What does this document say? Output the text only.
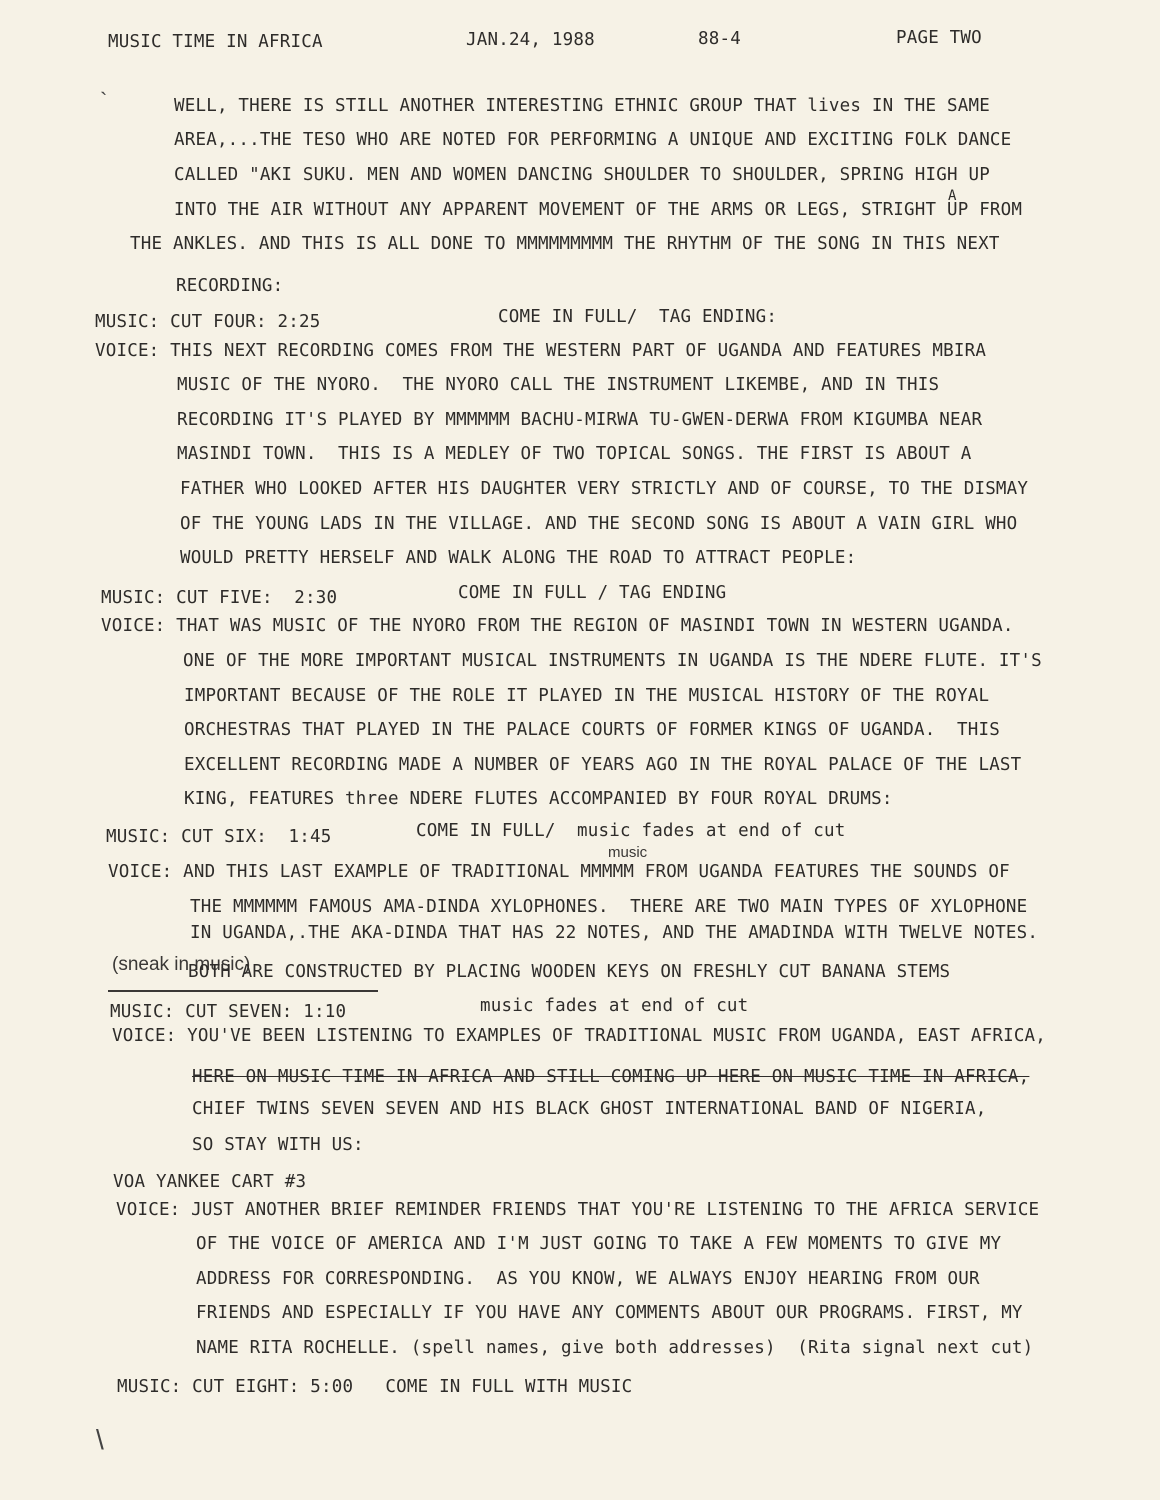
MUSIC TIME IN AFRICA	JAN.24, 1988	88-4	PAGE TWO
`	WELL, THERE IS STILL ANOTHER INTERESTING ETHNIC GROUP THAT lives IN THE SAME
AREA,...THE TESO WHO ARE NOTED FOR PERFORMING A UNIQUE AND EXCITING FOLK DANCE
CALLED "AKI SUKU. MEN AND WOMEN DANCING SHOULDER TO SHOULDER, SPRING HIGH UP
A
INTO THE AIR WITHOUT ANY APPARENT MOVEMENT OF THE ARMS OR LEGS, STRIGHT UP FROM
THE ANKLES. AND THIS IS ALL DONE TO MMMMMMMMM THE RHYTHM OF THE SONG IN THIS NEXT
RECORDING:
MUSIC: CUT FOUR: 2:25	COME IN FULL/  TAG ENDING:
VOICE: THIS NEXT RECORDING COMES FROM THE WESTERN PART OF UGANDA AND FEATURES MBIRA
MUSIC OF THE NYORO.  THE NYORO CALL THE INSTRUMENT LIKEMBE, AND IN THIS
RECORDING IT'S PLAYED BY MMMMMM BACHU-MIRWA TU-GWEN-DERWA FROM KIGUMBA NEAR
MASINDI TOWN.  THIS IS A MEDLEY OF TWO TOPICAL SONGS. THE FIRST IS ABOUT A
FATHER WHO LOOKED AFTER HIS DAUGHTER VERY STRICTLY AND OF COURSE, TO THE DISMAY
OF THE YOUNG LADS IN THE VILLAGE. AND THE SECOND SONG IS ABOUT A VAIN GIRL WHO
WOULD PRETTY HERSELF AND WALK ALONG THE ROAD TO ATTRACT PEOPLE:
MUSIC: CUT FIVE:  2:30	COME IN FULL / TAG ENDING
VOICE: THAT WAS MUSIC OF THE NYORO FROM THE REGION OF MASINDI TOWN IN WESTERN UGANDA.
ONE OF THE MORE IMPORTANT MUSICAL INSTRUMENTS IN UGANDA IS THE NDERE FLUTE. IT'S
IMPORTANT BECAUSE OF THE ROLE IT PLAYED IN THE MUSICAL HISTORY OF THE ROYAL
ORCHESTRAS THAT PLAYED IN THE PALACE COURTS OF FORMER KINGS OF UGANDA.  THIS
EXCELLENT RECORDING MADE A NUMBER OF YEARS AGO IN THE ROYAL PALACE OF THE LAST
KING, FEATURES three NDERE FLUTES ACCOMPANIED BY FOUR ROYAL DRUMS:
MUSIC: CUT SIX:  1:45	COME IN FULL/  music fades at end of cut
music
VOICE: AND THIS LAST EXAMPLE OF TRADITIONAL MMMMM FROM UGANDA FEATURES THE SOUNDS OF
THE MMMMMM FAMOUS AMA-DINDA XYLOPHONES.  THERE ARE TWO MAIN TYPES OF XYLOPHONE
IN UGANDA,.THE AKA-DINDA THAT HAS 22 NOTES, AND THE AMADINDA WITH TWELVE NOTES.
(sneak in music)
BOTH ARE CONSTRUCTED BY PLACING WOODEN KEYS ON FRESHLY CUT BANANA STEMS
MUSIC: CUT SEVEN: 1:10	music fades at end of cut
VOICE: YOU'VE BEEN LISTENING TO EXAMPLES OF TRADITIONAL MUSIC FROM UGANDA, EAST AFRICA,
HERE ON MUSIC TIME IN AFRICA AND STILL COMING UP HERE ON MUSIC TIME IN AFRICA,
CHIEF TWINS SEVEN SEVEN AND HIS BLACK GHOST INTERNATIONAL BAND OF NIGERIA,
SO STAY WITH US:
VOA YANKEE CART #3
VOICE: JUST ANOTHER BRIEF REMINDER FRIENDS THAT YOU'RE LISTENING TO THE AFRICA SERVICE
OF THE VOICE OF AMERICA AND I'M JUST GOING TO TAKE A FEW MOMENTS TO GIVE MY
ADDRESS FOR CORRESPONDING.  AS YOU KNOW, WE ALWAYS ENJOY HEARING FROM OUR
FRIENDS AND ESPECIALLY IF YOU HAVE ANY COMMENTS ABOUT OUR PROGRAMS. FIRST, MY
NAME RITA ROCHELLE. (spell names, give both addresses)  (Rita signal next cut)
MUSIC: CUT EIGHT: 5:00   COME IN FULL WITH MUSIC
\
